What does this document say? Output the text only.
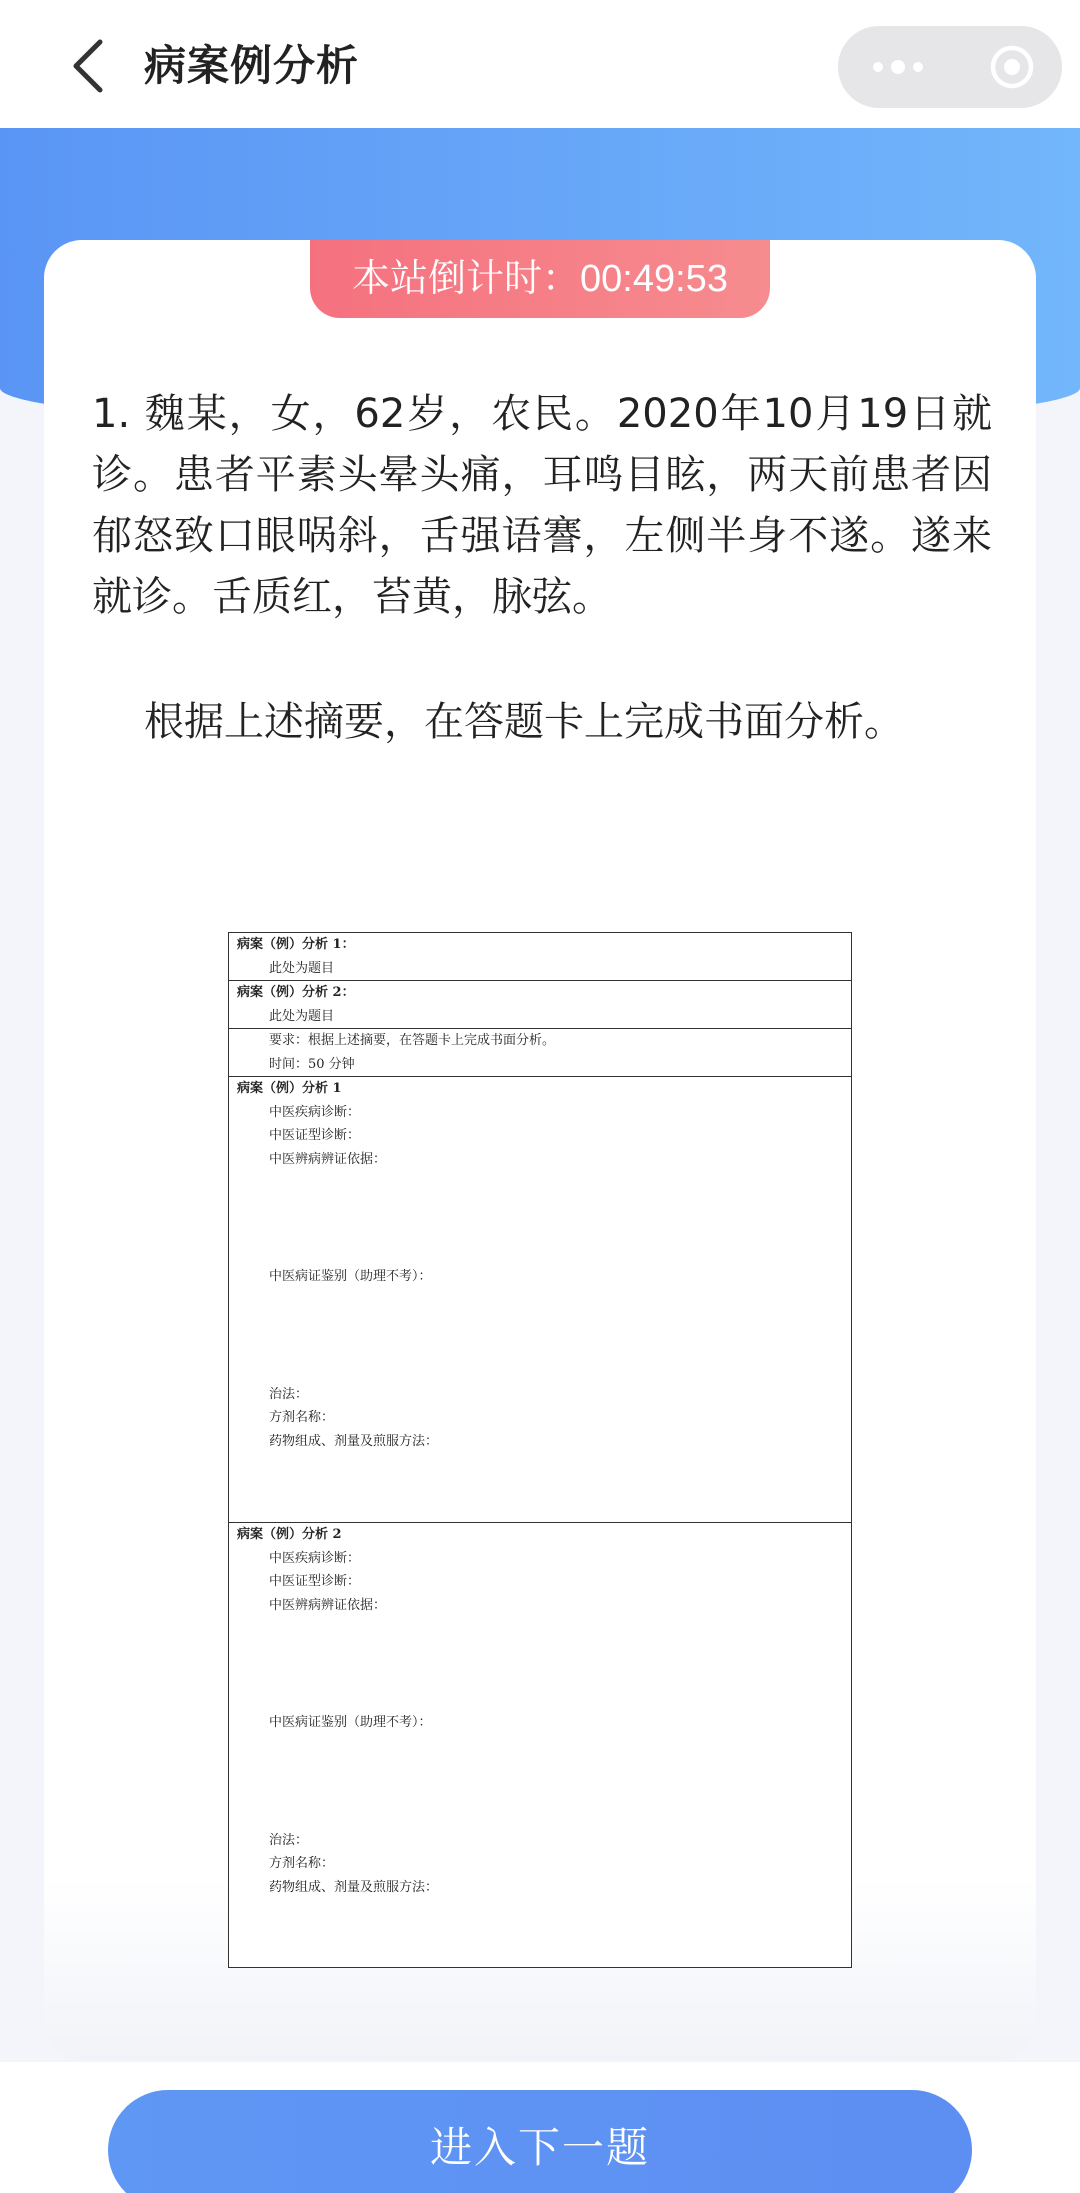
病案例分析
本站倒计时：00:49:53
1. 魏某，女，62岁，农民。2020年10月19日就诊。患者平素头晕头痛，耳鸣目眩，两天前患者因郁怒致口眼㖞斜，舌强语謇，左侧半身不遂。遂来就诊。舌质红，苔黄，脉弦。
根据上述摘要，在答题卡上完成书面分析。
病案（例）分析 1：
此处为题目
病案（例）分析 2：
此处为题目
要求：根据上述摘要，在答题卡上完成书面分析。
时间：50 分钟
病案（例）分析 1
中医疾病诊断：
中医证型诊断：
中医辨病辨证依据：
中医病证鉴别（助理不考）：
治法：
方剂名称：
药物组成、剂量及煎服方法：
病案（例）分析 2
中医疾病诊断：
中医证型诊断：
中医辨病辨证依据：
中医病证鉴别（助理不考）：
治法：
方剂名称：
药物组成、剂量及煎服方法：
进入下一题
